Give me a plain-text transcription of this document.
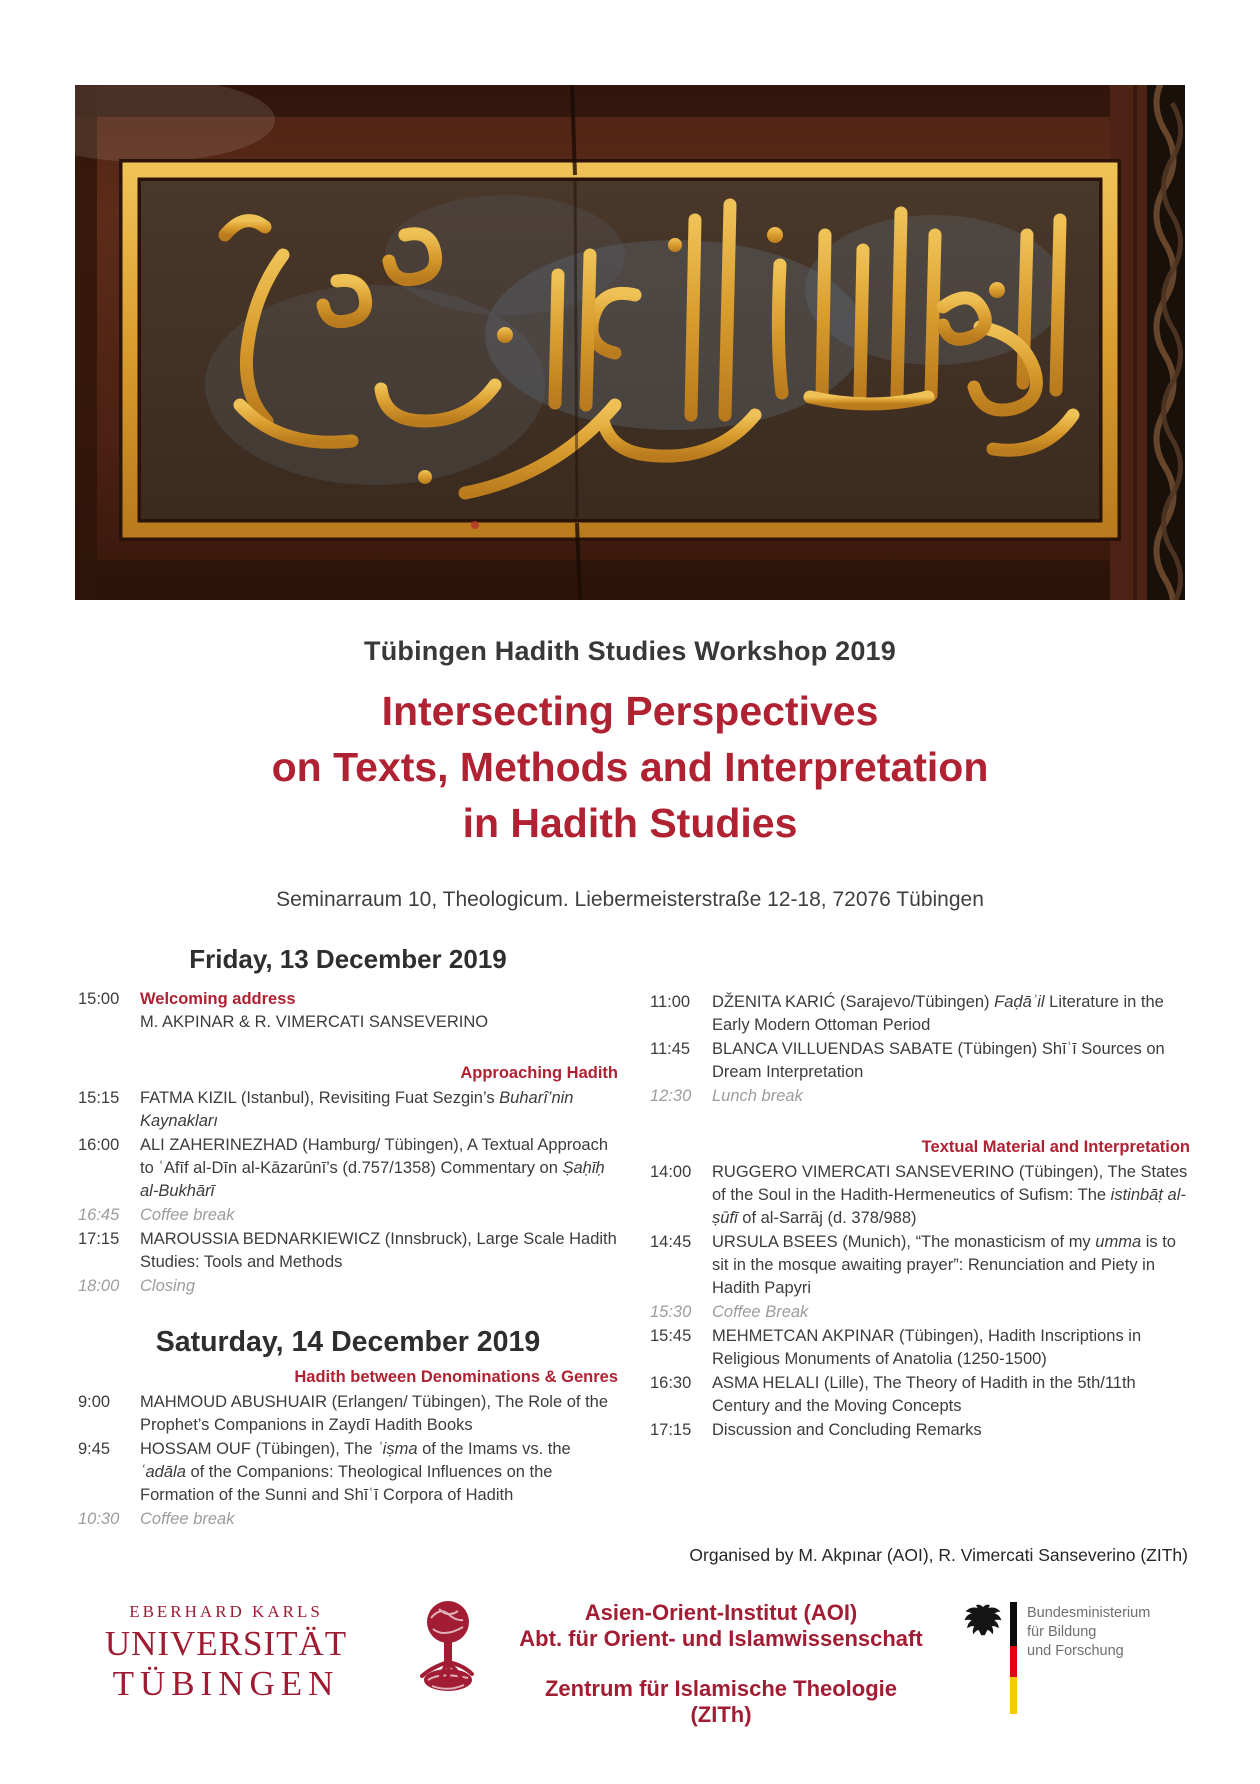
Tübingen Hadith Studies Workshop 2019
Intersecting Perspectives
on Texts, Methods and Interpretation
in Hadith Studies
Seminarraum 10, Theologicum. Liebermeisterstraße 12-18, 72076 Tübingen
Friday, 13 December 2019
15:00	Welcoming address
M. AKPINAR & R. VIMERCATI SANSEVERINO
Approaching Hadith
15:15	FATMA KIZIL (Istanbul), Revisiting Fuat Sezgin’s Buharî’nin Kaynakları
16:00	ALI ZAHERINEZHAD (Hamburg/ Tübingen), A Textual Approach to ʿAfīf al-Dīn al-Kāzarūnī’s (d.757/1358) Commentary on Ṣaḥīḥ al-Bukhārī
16:45	Coffee break
17:15	MAROUSSIA BEDNARKIEWICZ (Innsbruck), Large Scale Hadith Studies: Tools and Methods
18:00	Closing
Saturday, 14 December 2019
Hadith between Denominations & Genres
9:00	MAHMOUD ABUSHUAIR (Erlangen/ Tübingen), The Role of the Prophet’s Companions in Zaydī Hadith Books
9:45	HOSSAM OUF (Tübingen), The ʿiṣma of the Imams vs. the ʿadāla of the Companions: Theological Influences on the Formation of the Sunni and Shīʿī Corpora of Hadith
10:30	Coffee break
11:00	DŽENITA KARIĆ (Sarajevo/Tübingen) Faḍāʾil Literature in the Early Modern Ottoman Period
11:45	BLANCA VILLUENDAS SABATE (Tübingen) Shīʿī Sources on Dream Interpretation
12:30	Lunch break
Textual Material and Interpretation
14:00	RUGGERO VIMERCATI SANSEVERINO (Tübingen), The States of the Soul in the Hadith-Hermeneutics of Sufism: The istinbāṭ al-ṣūfī of al-Sarrāj (d. 378/988)
14:45	URSULA BSEES (Munich), “The monasticism of my umma is to sit in the mosque awaiting prayer”: Renunciation and Piety in Hadith Papyri
15:30	Coffee Break
15:45	MEHMETCAN AKPINAR (Tübingen), Hadith Inscriptions in Religious Monuments of Anatolia (1250-1500)
16:30	ASMA HELALI (Lille), The Theory of Hadith in the 5th/11th Century and the Moving Concepts
17:15	Discussion and Concluding Remarks
Organised by M. Akpınar (AOI), R. Vimercati Sanseverino (ZITh)
EBERHARD KARLS
UNIVERSITÄT
TÜBINGEN
Asien-Orient-Institut (AOI)
Abt. für Orient- und Islamwissenschaft
Zentrum für Islamische Theologie
(ZITh)
Bundesministerium
für Bildung
und Forschung
